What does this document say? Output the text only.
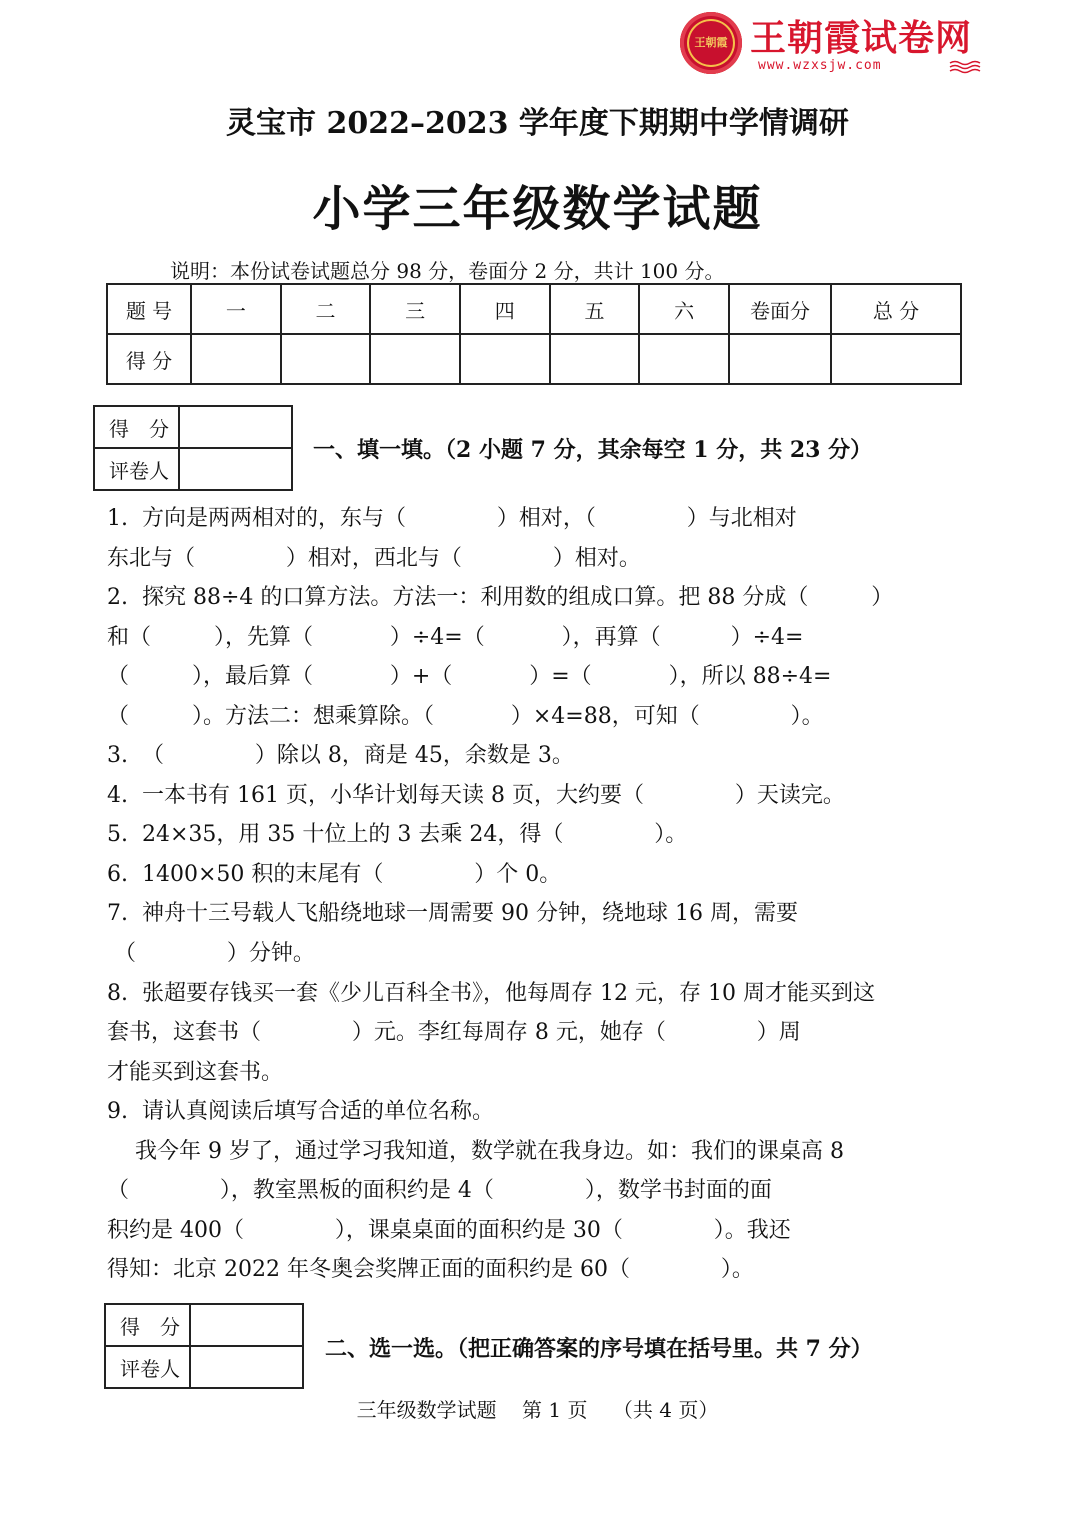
王朝霞 王朝霞试卷网
www.wzxsjw.com
灵宝市 2022–2023 学年度下期期中学情调研
小学三年级数学试题
说明：本份试卷试题总分 98 分，卷面分 2 分，共计 100 分。
题 号	一	二	三	四	五	六	卷面分	总 分
得 分								
得　分	
评卷人	
一、填一填。（2 小题 7 分，其余每空 1 分，共 23 分）
1.  方向是两两相对的，东与（             ）相对，（             ）与北相对
东北与（             ）相对，西北与（             ）相对。
2.  探究 88÷4 的口算方法。方法一：利用数的组成口算。把 88 分成（         ）
和（         ），先算（           ）÷4=（           ），再算（          ）÷4=
（         ），最后算（           ）+（           ）=（           ），所以 88÷4=
（         ）。方法二：想乘算除。（           ）×4=88，可知（             ）。
3.  （             ）除以 8，商是 45，余数是 3。
4.  一本书有 161 页，小华计划每天读 8 页，大约要（             ）天读完。
5.  24×35，用 35 十位上的 3 去乘 24，得（             ）。
6.  1400×50 积的末尾有（             ）个 0。
7.  神舟十三号载人飞船绕地球一周需要 90 分钟，绕地球 16 周，需要
（             ）分钟。
8.  张超要存钱买一套《少儿百科全书》，他每周存 12 元，存 10 周才能买到这
套书，这套书（             ）元。李红每周存 8 元，她存（             ）周
才能买到这套书。
9.  请认真阅读后填写合适的单位名称。
我今年 9 岁了，通过学习我知道，数学就在我身边。如：我们的课桌高 8
（             ），教室黑板的面积约是 4（             ），数学书封面的面
积约是 400（             ），课桌桌面的面积约是 30（             ）。我还
得知：北京 2022 年冬奥会奖牌正面的面积约是 60（             ）。
得　分	
评卷人	
二、选一选。（把正确答案的序号填在括号里。共 7 分）
三年级数学试题    第 1 页    （共 4 页）
